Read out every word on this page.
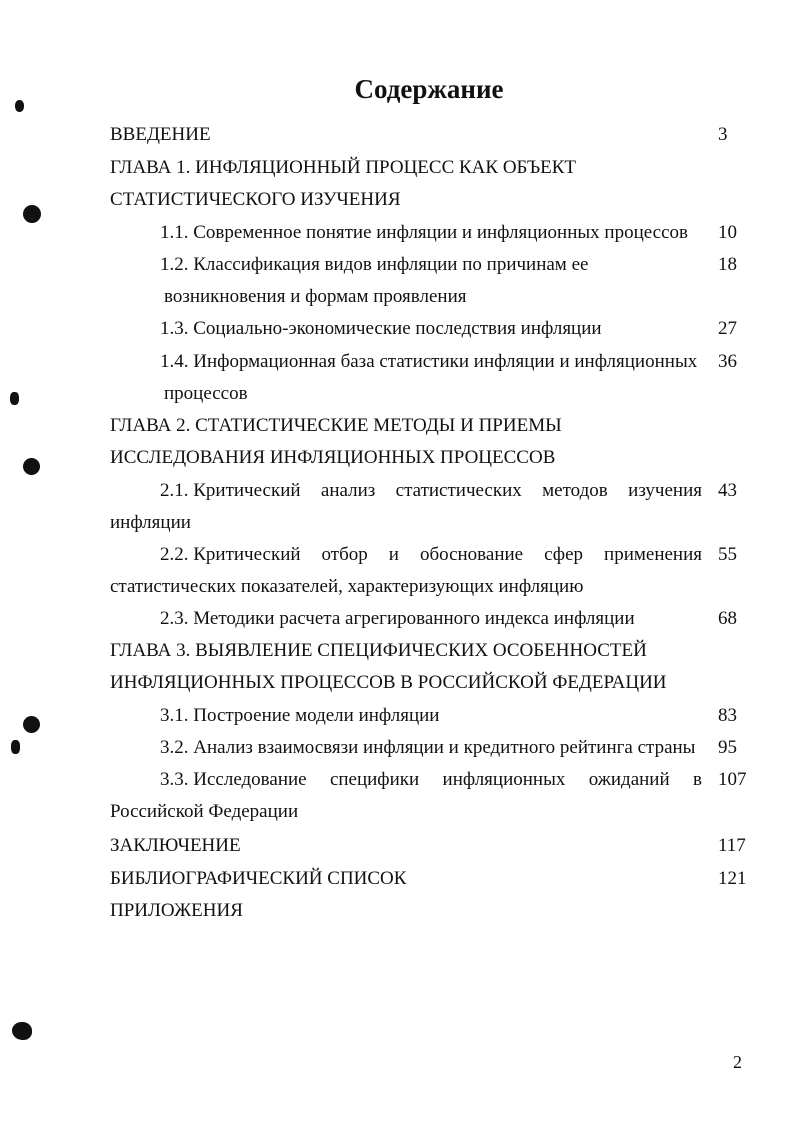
Содержание
ВВЕДЕНИЕ	3
ГЛАВА 1. ИНФЛЯЦИОННЫЙ ПРОЦЕСС КАК ОБЪЕКТ
СТАТИСТИЧЕСКОГО ИЗУЧЕНИЯ
1.1. Современное понятие инфляции и инфляционных процессов 10
1.2. Классификация видов инфляции по причинам ее	18
возникновения и формам проявления
1.3. Социально-экономические последствия инфляции	27
1.4. Информационная база статистики инфляции и инфляционных 36
процессов
ГЛАВА 2. СТАТИСТИЧЕСКИЕ МЕТОДЫ И ПРИЕМЫ
ИССЛЕДОВАНИЯ ИНФЛЯЦИОННЫХ ПРОЦЕССОВ
2.1. Критический анализ статистических методов изучения 43
инфляции
2.2. Критический отбор и обоснование сфер применения 55
статистических показателей, характеризующих инфляцию
2.3. Методики расчета агрегированного индекса инфляции	68
ГЛАВА 3. ВЫЯВЛЕНИЕ СПЕЦИФИЧЕСКИХ ОСОБЕННОСТЕЙ
ИНФЛЯЦИОННЫХ ПРОЦЕССОВ В РОССИЙСКОЙ ФЕДЕРАЦИИ
3.1. Построение модели инфляции	83
3.2. Анализ взаимосвязи инфляции и кредитного рейтинга страны 95
3.3. Исследование специфики инфляционных ожиданий в 107
Российской Федерации
ЗАКЛЮЧЕНИЕ	117
БИБЛИОГРАФИЧЕСКИЙ СПИСОК	121
ПРИЛОЖЕНИЯ
2
